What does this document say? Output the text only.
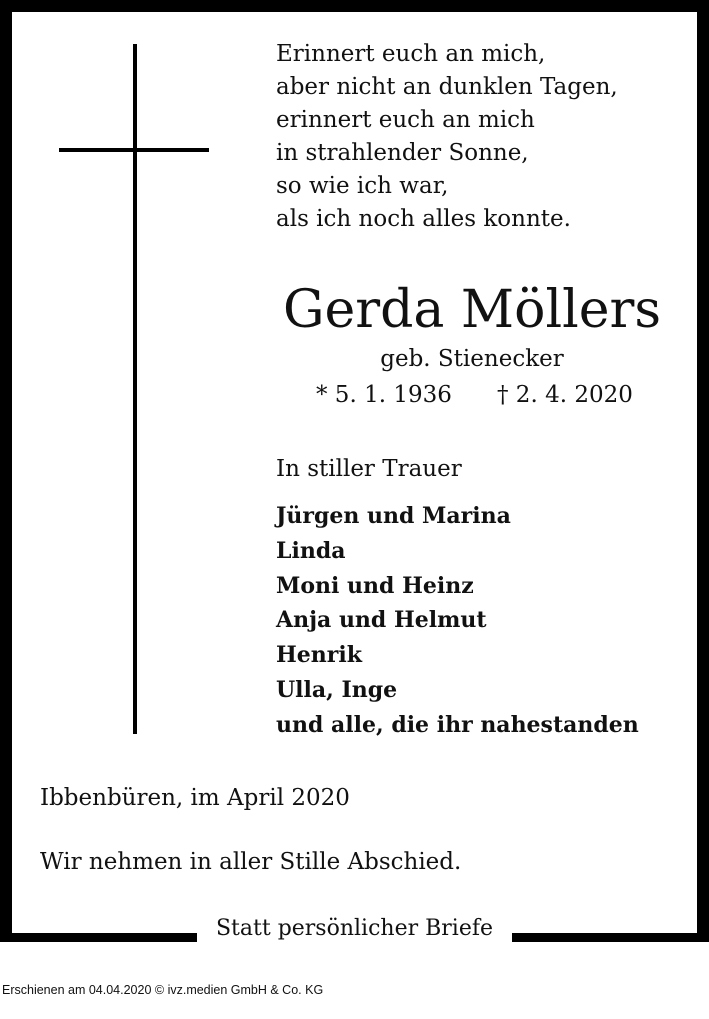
Erinnert euch an mich,
aber nicht an dunklen Tagen,
erinnert euch an mich
in strahlender Sonne,
so wie ich war,
als ich noch alles konnte.
Gerda Möllers
geb. Stienecker
* 5. 1. 1936 † 2. 4. 2020
In stiller Trauer
Jürgen und Marina
Linda
Moni und Heinz
Anja und Helmut
Henrik
Ulla, Inge
und alle, die ihr nahestanden
Ibbenbüren, im April 2020
Wir nehmen in aller Stille Abschied.
Statt persönlicher Briefe
Erschienen am 04.04.2020 © ivz.medien GmbH & Co. KG
